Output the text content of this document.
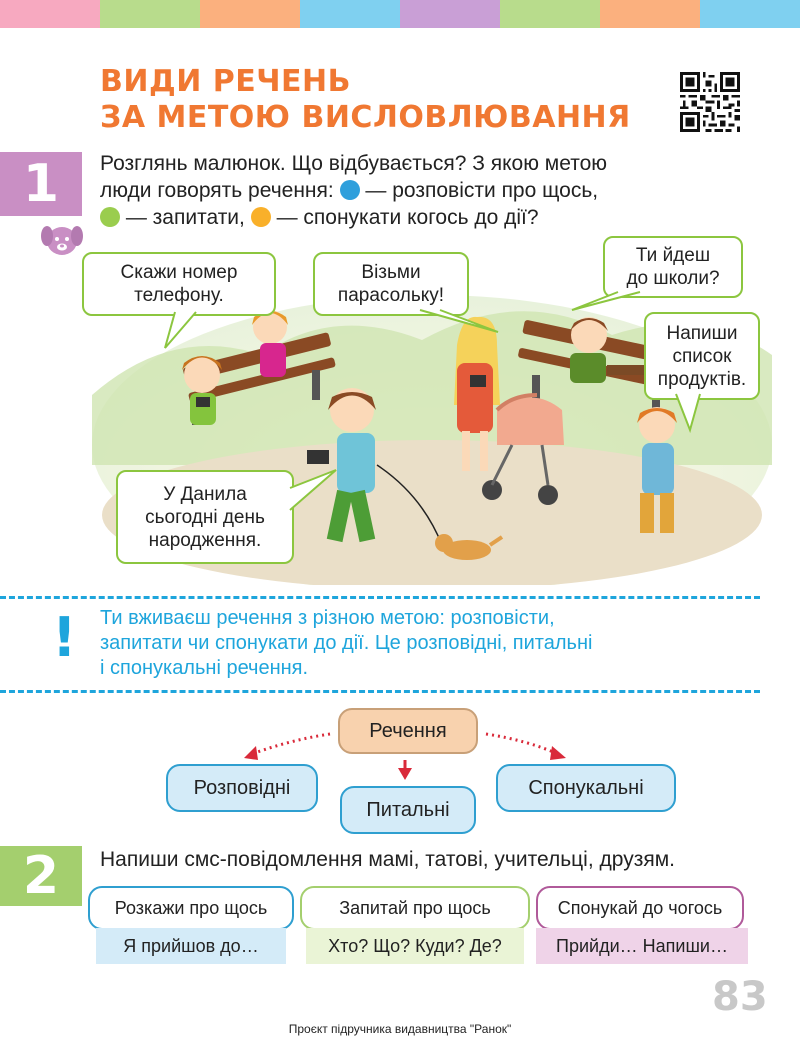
ВИДИ РЕЧЕНЬ
ЗА МЕТОЮ ВИСЛОВЛЮВАННЯ
1	Розглянь малюнок. Що відбувається? З якою метою
люди говорять речення: — розповісти про щось,
— запитати, — спонукати когось до дії?
Скажи номер
телефону.
Візьми
парасольку!
Ти йдеш
до школи?
Напиши
список
продуктів.
У Данила
сьогодні день
народження.
! Ти вживаєш речення з різною метою: розповісти,
запитати чи спонукати до дії. Це розповідні, питальні
і спонукальні речення.
Речення
Розповідні
Питальні
Спонукальні
2	Напиши смс-повідомлення мамі, татові, учительці, друзям.
Розкажи про щось
Я прийшов до…
Запитай про щось
Хто? Що? Куди? Де?
Спонукай до чогось
Прийди… Напиши…
83
Проєкт підручника видавництва "Ранок"
